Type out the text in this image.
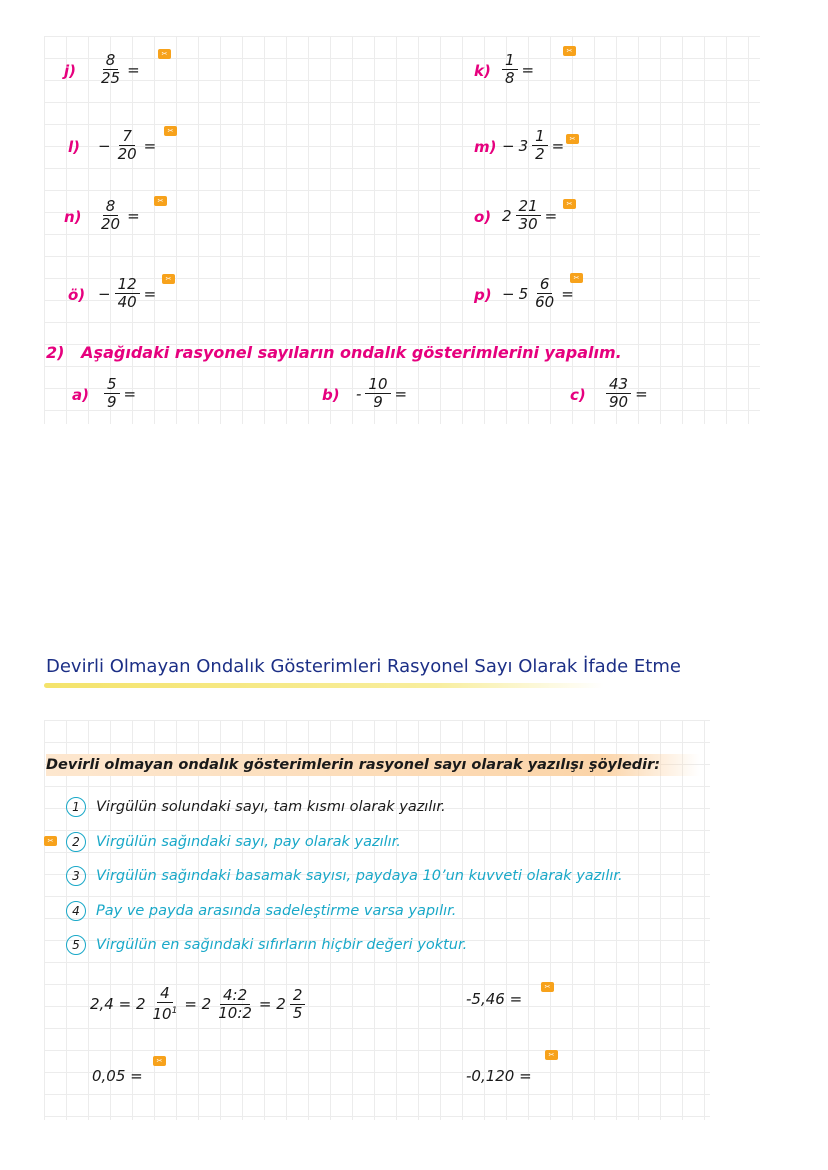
$j) \frac{8}{25}$ =
✂
$k) \frac{1}{8}$ =
✂
$l) - \frac{7}{20}$ =
✂
$m) - 3 \frac{1}{2}$ = ✂
$n) \frac{8}{20}$ =
✂
o) $2 \frac{21}{30}$ =
✂
ö) − $\frac{12}{40}$ =
✂
$p) - 5 \frac{6}{60}$ =
✂
2) Aşağıdaki rasyonel sayıların ondalık gösterimlerini yapalım.
$a) \frac{5}{9}$ =	$b) - \frac{10}{9}$ =	$c) \frac{43}{90}$ =
Devirli Olmayan Ondalık Gösterimleri Rasyonel Sayı Olarak İfade Etme
Devirli olmayan ondalık gösterimlerin rasyonel sayı olarak yazılışı şöyledir:
✂
1	Virgülün solundaki sayı, tam kısmı olarak yazılır.
2	Virgülün sağındaki sayı, pay olarak yazılır.
3	Virgülün sağındaki basamak sayısı, paydaya 10’un kuvveti olarak yazılır.
4	Pay ve payda arasında sadeleştirme varsa yapılır.
5	Virgülün en sağındaki sıfırların hiçbir değeri yoktur.
$2,4 = 2 \frac{4}{10^1} = 2 \frac{4:2}{10:2} = 2 \frac{2}{5}$	-5,46 =
✂
0,05 =
✂
-0,120 =
✂
